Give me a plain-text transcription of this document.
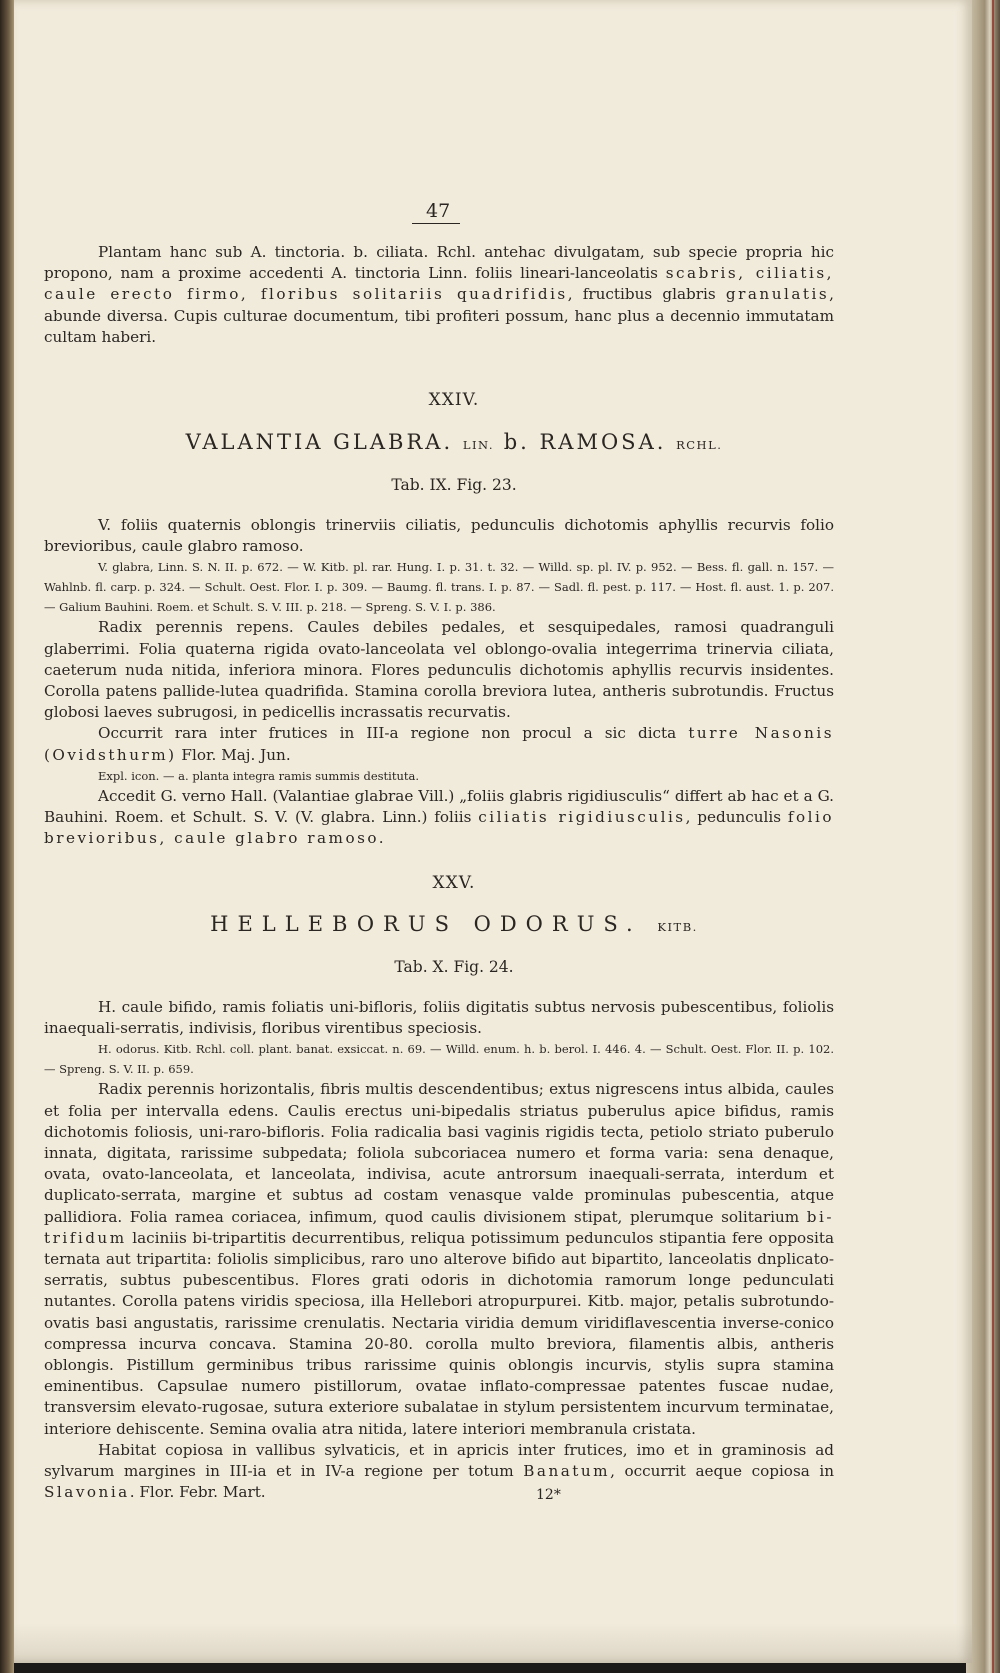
47

Plantam hanc sub A. tinctoria. b. ciliata. Rchl. antehac divulgatam, sub specie propria hic propono, nam a proxime accedenti A. tinctoria Linn. foliis lineari-lanceolatis scabris, ciliatis, caule erecto firmo, floribus solitariis quadrifidis, fructibus glabris granulatis, abunde diversa. Cupis culturae documentum, tibi profiteri possum, hanc plus a decennio immutatam cultam haberi.

XXIV.
VALANTIA GLABRA. LIN. b. RAMOSA. RCHL.
Tab. IX. Fig. 23.

V. foliis quaternis oblongis trinerviis ciliatis, pedunculis dichotomis aphyllis recurvis folio brevioribus, caule glabro ramoso.

V. glabra, Linn. S. N. II. p. 672. — W. Kitb. pl. rar. Hung. I. p. 31. t. 32. — Willd. sp. pl. IV. p. 952. — Bess. fl. gall. n. 157. — Wahlnb. fl. carp. p. 324. — Schult. Oest. Flor. I. p. 309. — Baumg. fl. trans. I. p. 87. — Sadl. fl. pest. p. 117. — Host. fl. aust. 1. p. 207. — Galium Bauhini. Roem. et Schult. S. V. III. p. 218. — Spreng. S. V. I. p. 386.

Radix perennis repens. Caules debiles pedales, et sesquipedales, ramosi quadranguli glaberrimi. Folia quaterna rigida ovato-lanceolata vel oblongo-ovalia integerrima trinervia ciliata, caeterum nuda nitida, inferiora minora. Flores pedunculis dichotomis aphyllis recurvis insidentes. Corolla patens pallide-lutea quadrifida. Stamina corolla breviora lutea, antheris subrotundis. Fructus globosi laeves subrugosi, in pedicellis incrassatis recurvatis.

Occurrit rara inter frutices in III-a regione non procul a sic dicta turre Nasonis (Ovidsthurm) Flor. Maj. Jun.

Expl. icon. — a. planta integra ramis summis destituta.

Accedit G. verno Hall. (Valantiae glabrae Vill.) „foliis glabris rigidiusculis“ differt ab hac et a G. Bauhini. Roem. et Schult. S. V. (V. glabra. Linn.) foliis ciliatis rigidiusculis, pedunculis folio brevioribus, caule glabro ramoso.

XXV.
HELLEBORUS ODORUS. KITB.
Tab. X. Fig. 24.

H. caule bifido, ramis foliatis uni-bifloris, foliis digitatis subtus nervosis pubescentibus, foliolis inaequali-serratis, indivisis, floribus virentibus speciosis.

H. odorus. Kitb. Rchl. coll. plant. banat. exsiccat. n. 69. — Willd. enum. h. b. berol. I. 446. 4. — Schult. Oest. Flor. II. p. 102. — Spreng. S. V. II. p. 659.

Radix perennis horizontalis, fibris multis descendentibus; extus nigrescens intus albida, caules et folia per intervalla edens. Caulis erectus uni-bipedalis striatus puberulus apice bifidus, ramis dichotomis foliosis, uni-raro-bifloris. Folia radicalia basi vaginis rigidis tecta, petiolo striato puberulo innata, digitata, rarissime subpedata; foliola subcoriacea numero et forma varia: sena denaque, ovata, ovato-lanceolata, et lanceolata, indivisa, acute antrorsum inaequali-serrata, interdum et duplicato-serrata, margine et subtus ad costam venasque valde prominulas pubescentia, atque pallidiora. Folia ramea coriacea, infimum, quod caulis divisionem stipat, plerumque solitarium bi-trifidum laciniis bi-tripartitis decurrentibus, reliqua potissimum pedunculos stipantia fere opposita ternata aut tripartita: foliolis simplicibus, raro uno alterove bifido aut bipartito, lanceolatis dnplicato-serratis, subtus pubescentibus. Flores grati odoris in dichotomia ramorum longe pedunculati nutantes. Corolla patens viridis speciosa, illa Hellebori atropurpurei. Kitb. major, petalis subrotundo-ovatis basi angustatis, rarissime crenulatis. Nectaria viridia demum viridiflavescentia inverse-conico compressa incurva concava. Stamina 20-80. corolla multo breviora, filamentis albis, antheris oblongis. Pistillum germinibus tribus rarissime quinis oblongis incurvis, stylis supra stamina eminentibus. Capsulae numero pistillorum, ovatae inflato-compressae patentes fuscae nudae, transversim elevato-rugosae, sutura exteriore subalatae in stylum persistentem incurvum terminatae, interiore dehiscente. Semina ovalia atra nitida, latere interiori membranula cristata.

Habitat copiosa in vallibus sylvaticis, et in apricis inter frutices, imo et in graminosis ad sylvarum margines in III-ia et in IV-a regione per totum Banatum, occurrit aeque copiosa in Slavonia. Flor. Febr. Mart.	12*
